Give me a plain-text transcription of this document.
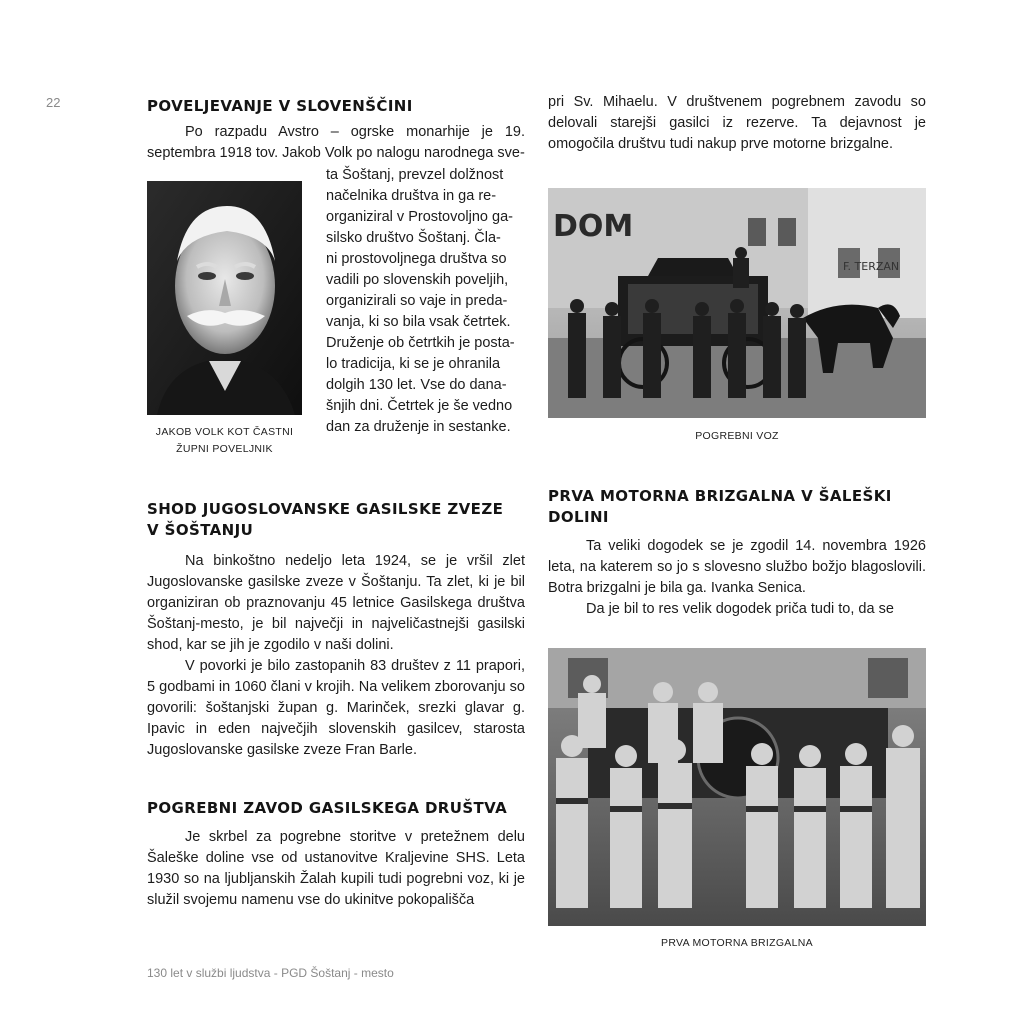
22	POVELJEVANJE V SLOVENŠČINI

Po razpadu Avstro – ogrske monarhije je 19. septembra 1918 tov. Jakob Volk po nalogu narodnega sve-

JAKOB VOLK KOT ČASTNI
ŽUPNI POVELJNIK
ta Šoštanj, prevzel dolžnost
načelnika društva in ga re-
organiziral v Prostovoljno ga-
silsko društvo Šoštanj. Čla-
ni prostovoljnega društva so
vadili po slovenskih poveljih,
organizirali so vaje in preda-
vanja, ki so bila vsak četrtek.
Druženje ob četrtkih je posta-
lo tradicija, ki se je ohranila
dolgih 130 let. Vse do dana-
šnjih dni. Četrtek je še vedno
dan za druženje in sestanke.
SHOD JUGOSLOVANSKE GASILSKE ZVEZE
V ŠOŠTANJU

Na binkoštno nedeljo leta 1924, se je vršil zlet Jugoslovanske gasilske zveze v Šoštanju. Ta zlet, ki je bil organiziran ob praznovanju 45 letnice Gasilskega društva Šoštanj-mesto, je bil največji in najveličastnejši gasilski shod, kar se jih je zgodilo v naši dolini.

V povorki je bilo zastopanih 83 društev z 11 prapori, 5 godbami in 1060 člani v krojih. Na velikem zborovanju so govorili: šoštanjski župan g. Marinček, srezki glavar g. Ipavic in eden največjih slovenskih gasilcev, starosta Jugoslovanske gasilske zveze Fran Barle.

POGREBNI ZAVOD GASILSKEGA DRUŠTVA

Je skrbel za pogrebne storitve v pretežnem delu Šaleške doline vse od ustanovitve Kraljevine SHS. Leta 1930 so na ljubljanskih Žalah kupili tudi pogrebni voz, ki je služil svojemu namenu vse do ukinitve pokopališča

pri Sv. Mihaelu. V društvenem pogrebnem zavodu so delovali starejši gasilci iz rezerve. Ta dejavnost je omogočila društvu tudi nakup prve motorne brizgalne.

DOM
F. TERZAN
POGREBNI VOZ
PRVA MOTORNA BRIZGALNA V ŠALEŠKI
DOLINI

Ta veliki dogodek se je zgodil 14. novembra 1926 leta, na katerem so jo s slovesno službo božjo blagoslovili. Botra brizgalni je bila ga. Ivanka Senica.

Da je bil to res velik dogodek priča tudi to, da se

PRVA MOTORNA BRIZGALNA
130 let v službi ljudstva - PGD Šoštanj - mesto
